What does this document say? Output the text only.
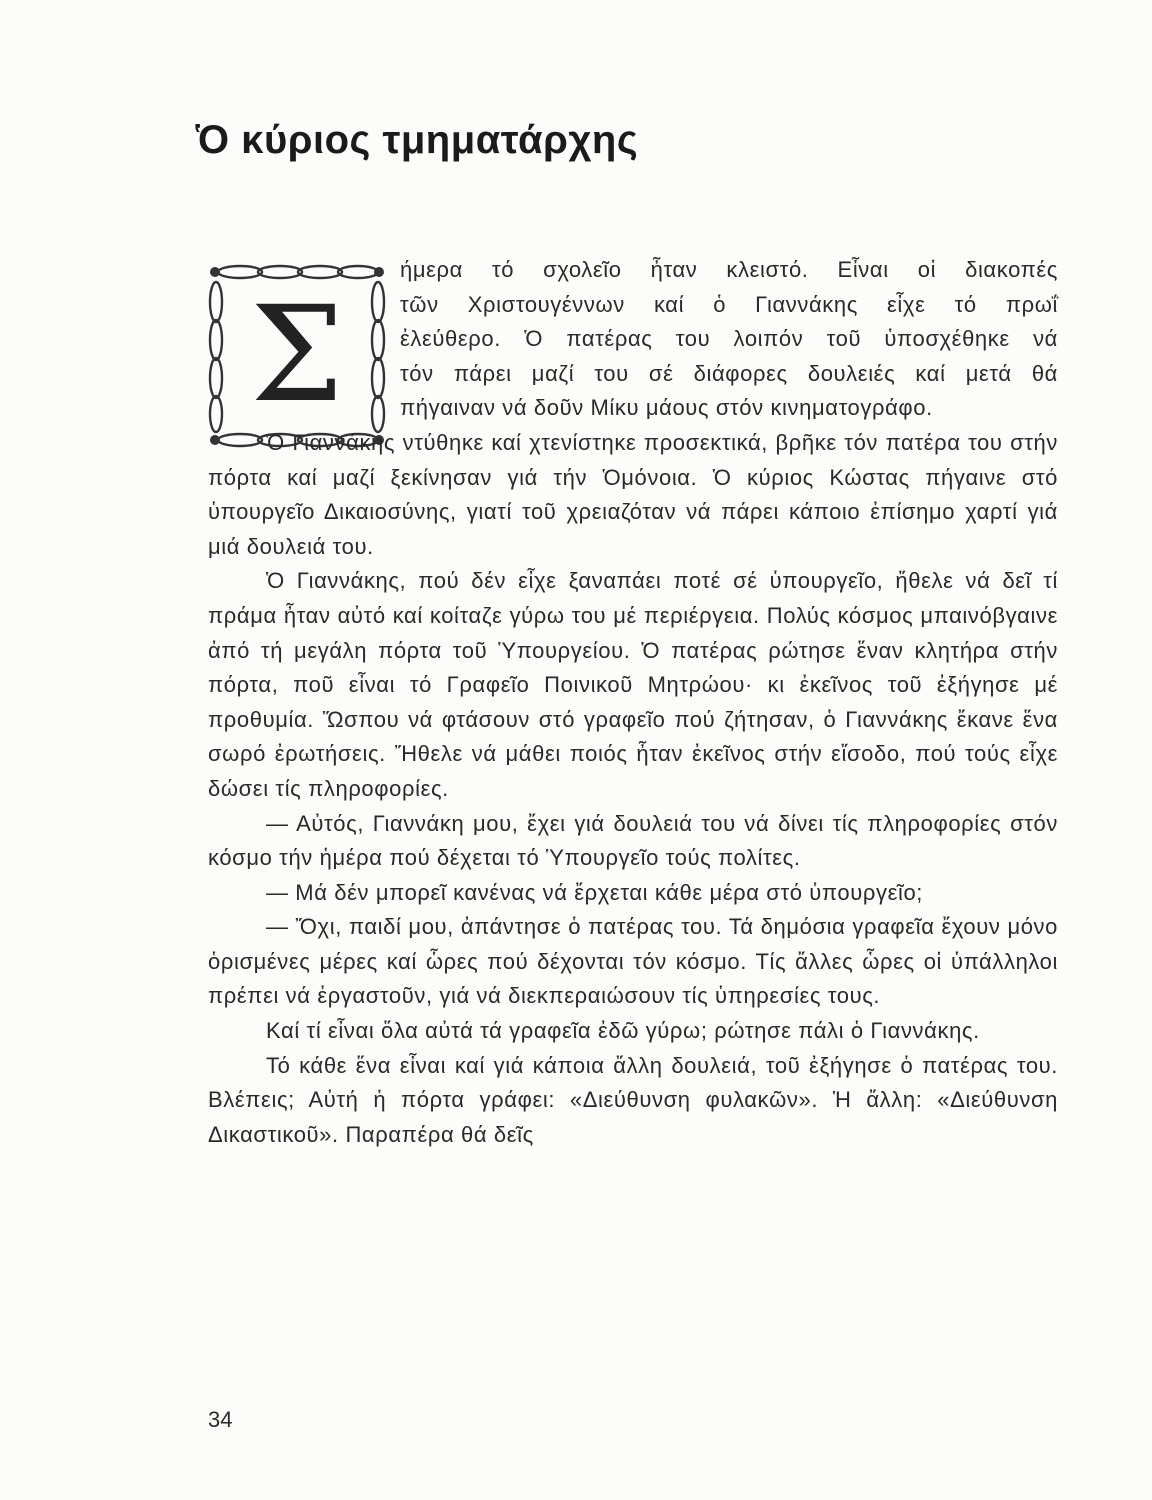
Ὁ κύριος τμηματάρχης
Σ

ήμερα τό σχολεῖο ἦταν κλειστό. Εἶναι οἱ διακοπές
τῶν Χριστουγέννων καί ὁ Γιαννάκης εἶχε τό πρωΐ
ἐλεύθερο. Ὁ πατέρας του λοιπόν τοῦ ὑποσχέθηκε νά
τόν πάρει μαζί του σέ διάφορες δουλειές καί μετά θά
πήγαιναν νά δοῦν Μίκυ μάους στόν κινηματογράφο.

Ὁ Γιαννάκης ντύθηκε καί χτενίστηκε προσεκτικά, βρῆκε τόν πατέρα του στήν πόρτα καί μαζί ξεκίνησαν γιά τήν Ὁμόνοια. Ὁ κύριος Κώστας πήγαινε στό ὑπουργεῖο Δικαιοσύνης, γιατί τοῦ χρειαζόταν νά πάρει κάποιο ἐπίσημο χαρτί γιά μιά δουλειά του.

Ὁ Γιαννάκης, πού δέν εἶχε ξαναπάει ποτέ σέ ὑπουργεῖο, ἤθελε νά δεῖ τί πράμα ἦταν αὐτό καί κοίταζε γύρω του μέ περιέργεια. Πολύς κόσμος μπαινόβγαινε ἀπό τή μεγάλη πόρτα τοῦ Ὑπουργείου. Ὁ πατέρας ρώτησε ἕναν κλητήρα στήν πόρτα, ποῦ εἶναι τό Γραφεῖο Ποινικοῦ Μητρώου· κι ἐκεῖνος τοῦ ἐξήγησε μέ προθυμία. Ὥσπου νά φτάσουν στό γραφεῖο πού ζήτησαν, ὁ Γιαννάκης ἔκανε ἕνα σωρό ἐρωτήσεις. Ἤθελε νά μάθει ποιός ἦταν ἐκεῖνος στήν εἴσοδο, πού τούς εἶχε δώσει τίς πληροφορίες.

— Αὐτός, Γιαννάκη μου, ἔχει γιά δουλειά του νά δίνει τίς πληροφορίες στόν κόσμο τήν ἡμέρα πού δέχεται τό Ὑπουργεῖο τούς πολίτες.

— Μά δέν μπορεῖ κανένας νά ἔρχεται κάθε μέρα στό ὑπουργεῖο;

— Ὄχι, παιδί μου, ἀπάντησε ὁ πατέρας του. Τά δημόσια γραφεῖα ἔχουν μόνο ὁρισμένες μέρες καί ὧρες πού δέχονται τόν κόσμο. Τίς ἄλλες ὧρες οἱ ὑπάλληλοι πρέπει νά ἐργαστοῦν, γιά νά διεκπεραιώσουν τίς ὑπηρεσίες τους.

Καί τί εἶναι ὅλα αὐτά τά γραφεῖα ἐδῶ γύρω; ρώτησε πάλι ὁ Γιαννάκης.

Τό κάθε ἕνα εἶναι καί γιά κάποια ἄλλη δουλειά, τοῦ ἐξήγησε ὁ πατέρας του. Βλέπεις; Αὐτή ἡ πόρτα γράφει: «Διεύθυνση φυλακῶν». Ἡ ἄλλη: «Διεύθυνση Δικαστικοῦ». Παραπέρα θά δεῖς

34
